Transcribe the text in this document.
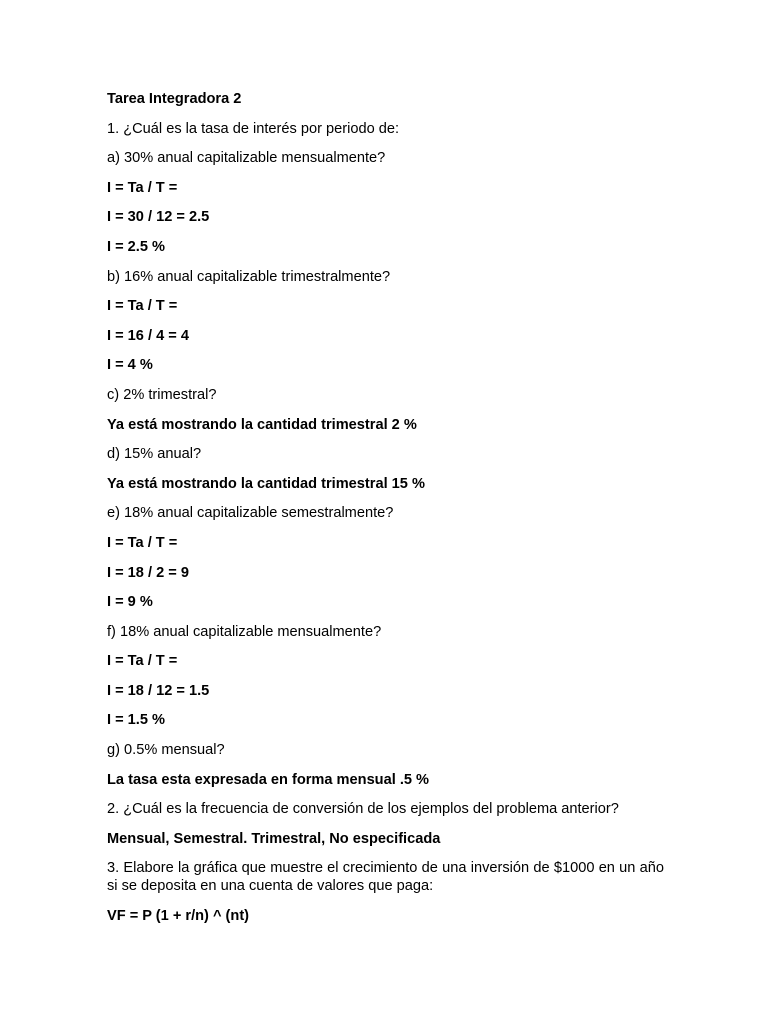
Tarea Integradora 2
1. ¿Cuál es la tasa de interés por periodo de:
a) 30% anual capitalizable mensualmente?
I = Ta / T =
I = 30 / 12 = 2.5
I = 2.5 %
b) 16% anual capitalizable trimestralmente?
I = Ta / T =
I = 16 / 4 = 4
I = 4 %
c) 2% trimestral?
Ya está mostrando la cantidad trimestral 2 %
d) 15% anual?
Ya está mostrando la cantidad trimestral 15 %
e) 18% anual capitalizable semestralmente?
I = Ta / T =
I = 18 / 2 = 9
I = 9 %
f) 18% anual capitalizable mensualmente?
I = Ta / T =
I = 18 / 12 = 1.5
I = 1.5 %
g) 0.5% mensual?
La tasa esta expresada en forma mensual .5 %
2. ¿Cuál es la frecuencia de conversión de los ejemplos del problema anterior?
Mensual, Semestral. Trimestral, No especificada
3. Elabore la gráfica que muestre el crecimiento de una inversión de $1000 en un año si se deposita en una cuenta de valores que paga:
VF = P (1 + r/n) ^ (nt)
